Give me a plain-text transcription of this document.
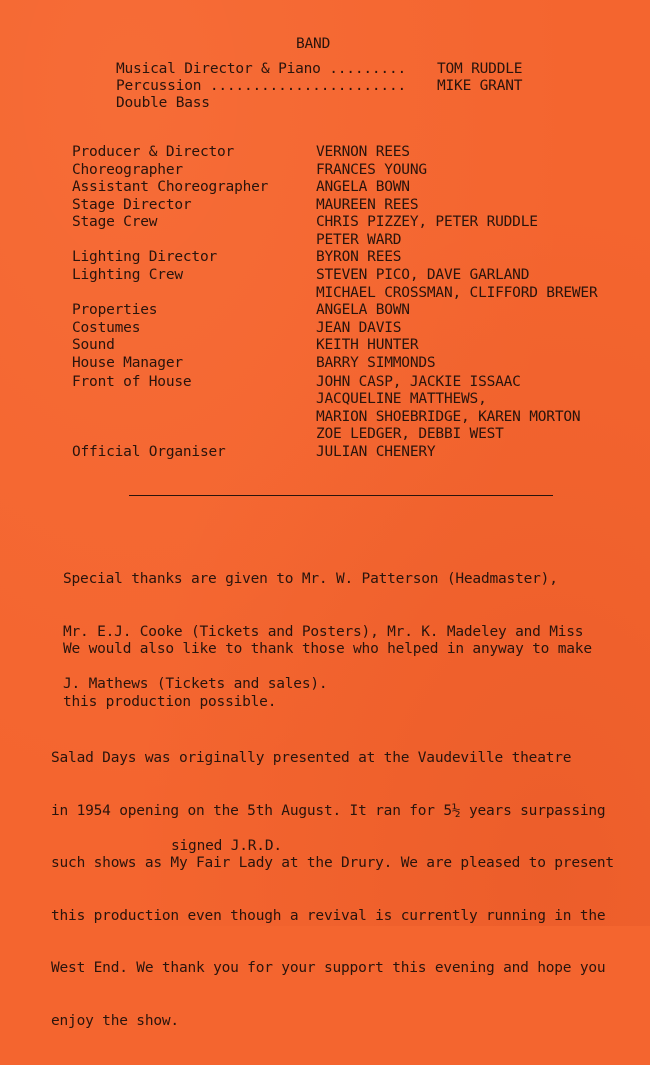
BAND
Musical Director & Piano ......... TOM RUDDLE
Percussion ....................... MIKE GRANT
Double Bass
Producer & Director	VERNON REES
Choreographer	FRANCES YOUNG
Assistant Choreographer	ANGELA BOWN
Stage Director	MAUREEN REES
Stage Crew	CHRIS PIZZEY, PETER RUDDLE
PETER WARD
Lighting Director	BYRON REES
Lighting Crew	STEVEN PICO, DAVE GARLAND
MICHAEL CROSSMAN, CLIFFORD BREWER
Properties	ANGELA BOWN
Costumes	JEAN DAVIS
Sound	KEITH HUNTER
House Manager	BARRY SIMMONDS
Front of House	JOHN CASP, JACKIE ISSAAC
JACQUELINE MATTHEWS,
MARION SHOEBRIDGE, KAREN MORTON
ZOE LEDGER, DEBBI WEST
Official Organiser	JULIAN CHENERY

Special thanks are given to Mr. W. Patterson (Headmaster),

Mr. E.J. Cooke (Tickets and Posters), Mr. K. Madeley and Miss

J. Mathews (Tickets and sales).

We would also like to thank those who helped in anyway to make

this production possible.

Salad Days was originally presented at the Vaudeville theatre

in 1954 opening on the 5th August. It ran for 5½ years surpassing

such shows as My Fair Lady at the Drury. We are pleased to present

this production even though a revival is currently running in the

West End. We thank you for your support this evening and hope you

enjoy the show.

signed J.R.D.
